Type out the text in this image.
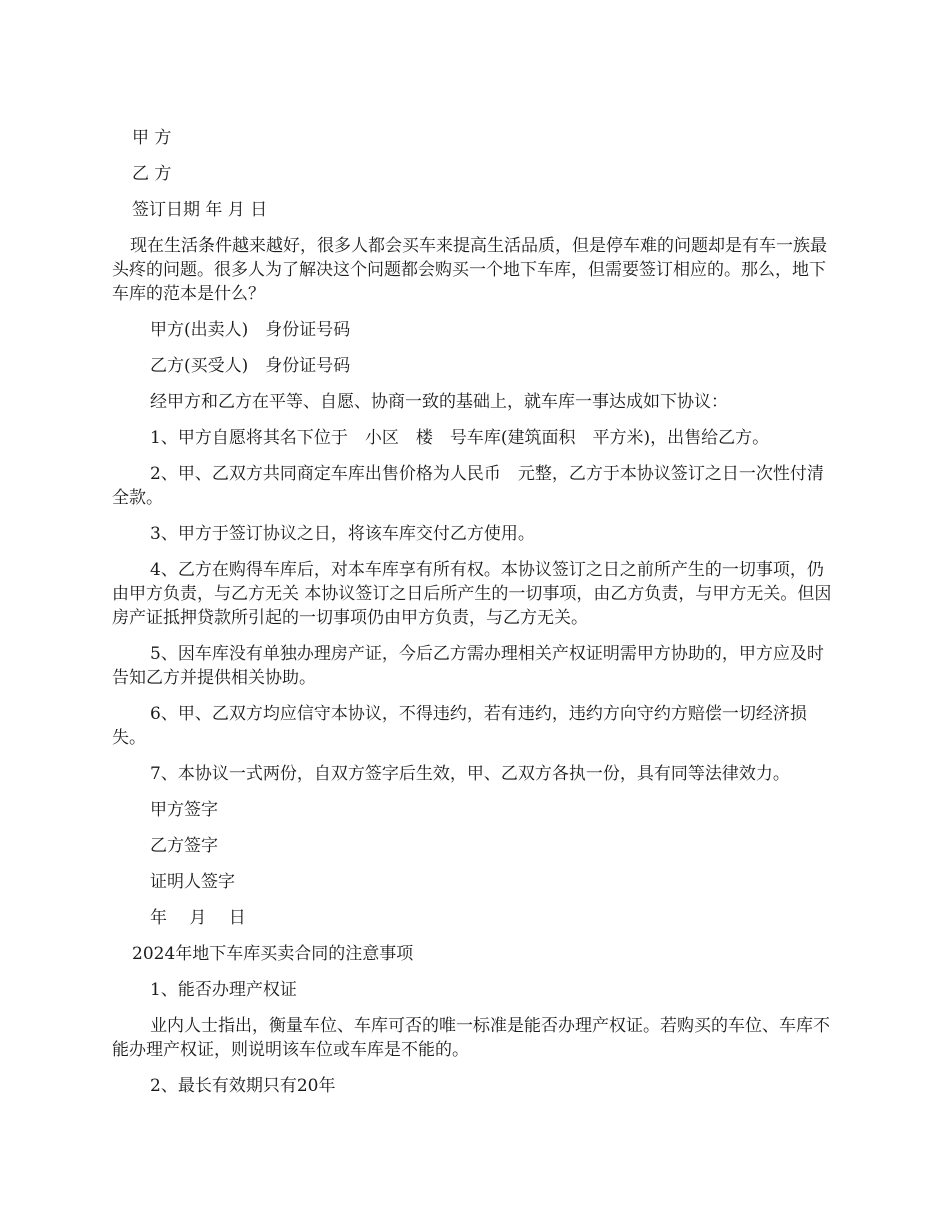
甲 方

乙 方

签订日期 年 月 日

现在生活条件越来越好，很多人都会买车来提高生活品质，但是停车难的问题却是有车一族最头疼的问题。很多人为了解决这个问题都会购买一个地下车库，但需要签订相应的。那么，地下车库的范本是什么？

甲方(出卖人)　身份证号码

乙方(买受人)　身份证号码

经甲方和乙方在平等、自愿、协商一致的基础上，就车库一事达成如下协议：

1、甲方自愿将其名下位于　小区　楼　号车库(建筑面积　平方米)，出售给乙方。

2、甲、乙双方共同商定车库出售价格为人民币　元整，乙方于本协议签订之日一次性付清全款。

3、甲方于签订协议之日，将该车库交付乙方使用。

4、乙方在购得车库后，对本车库享有所有权。本协议签订之日之前所产生的一切事项，仍由甲方负责，与乙方无关 本协议签订之日后所产生的一切事项，由乙方负责，与甲方无关。但因房产证抵押贷款所引起的一切事项仍由甲方负责，与乙方无关。

5、因车库没有单独办理房产证，今后乙方需办理相关产权证明需甲方协助的，甲方应及时告知乙方并提供相关协助。

6、甲、乙双方均应信守本协议，不得违约，若有违约，违约方向守约方赔偿一切经济损失。

7、本协议一式两份，自双方签字后生效，甲、乙双方各执一份，具有同等法律效力。

甲方签字

乙方签字

证明人签字

年　 月　 日

2024年地下车库买卖合同的注意事项

1、能否办理产权证

业内人士指出，衡量车位、车库可否的唯一标准是能否办理产权证。若购买的车位、车库不能办理产权证，则说明该车位或车库是不能的。

2、最长有效期只有20年
